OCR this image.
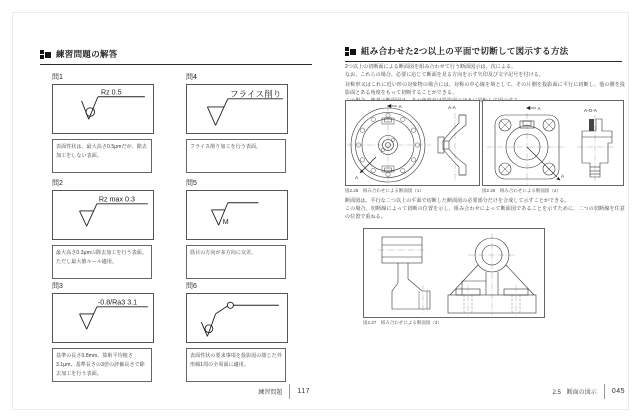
練習問題の解答
問1
Rz 0.5
表面性状は、最大高さ0.5μmだが、除去加工をしない表面。
問4
フライス削り
フライス削り加工を行う表面。
問2
Rz max 0.3
最大高さ0.3μmの除去加工を行う表面。ただし最大値ルール適用。
問5
M
筋目の方向が多方向に交差。
問3
-0.8/Ra3 3.1
基準の長さ0.8mm、算術平均粗さ3.1μm、基準長さの3倍の評価長さで除去加工を行う表面。
問6
表面性状の要求事項を投影図の閉じた外形線1周の全周面に適用。
練習問題 117
組み合わせた2つ以上の平面で切断して図示する方法
2つ以上の切断面による断面図を組み合わせて行う断面図示は、次による。
なお、これらの場合、必要に応じて断面を見る方向を示す矢印及び文字記号を付ける。
対称形又はこれに近い形の対象物の場合には、対称の中心線を境として、その片側を投影面に平行に切断し、他の側を投影面とある角度をもって切断することができる。
A
A
A-A
図2.25　組み合わせによる断面図（1）
A
A	A-O-A
図2.26　組み合わせによる断面図（2）
断面図は、平行な二つ以上の平面で切断した断面図の必要部分だけを合成して示すことができる。
この場合、切断線によって切断の位置を示し、組み合わせによって断面図であることを示すために、二つの切断線を任意の位置で重ねる。
図2.27　組み合わせによる断面図（3）
2.5　断面の図示 045
